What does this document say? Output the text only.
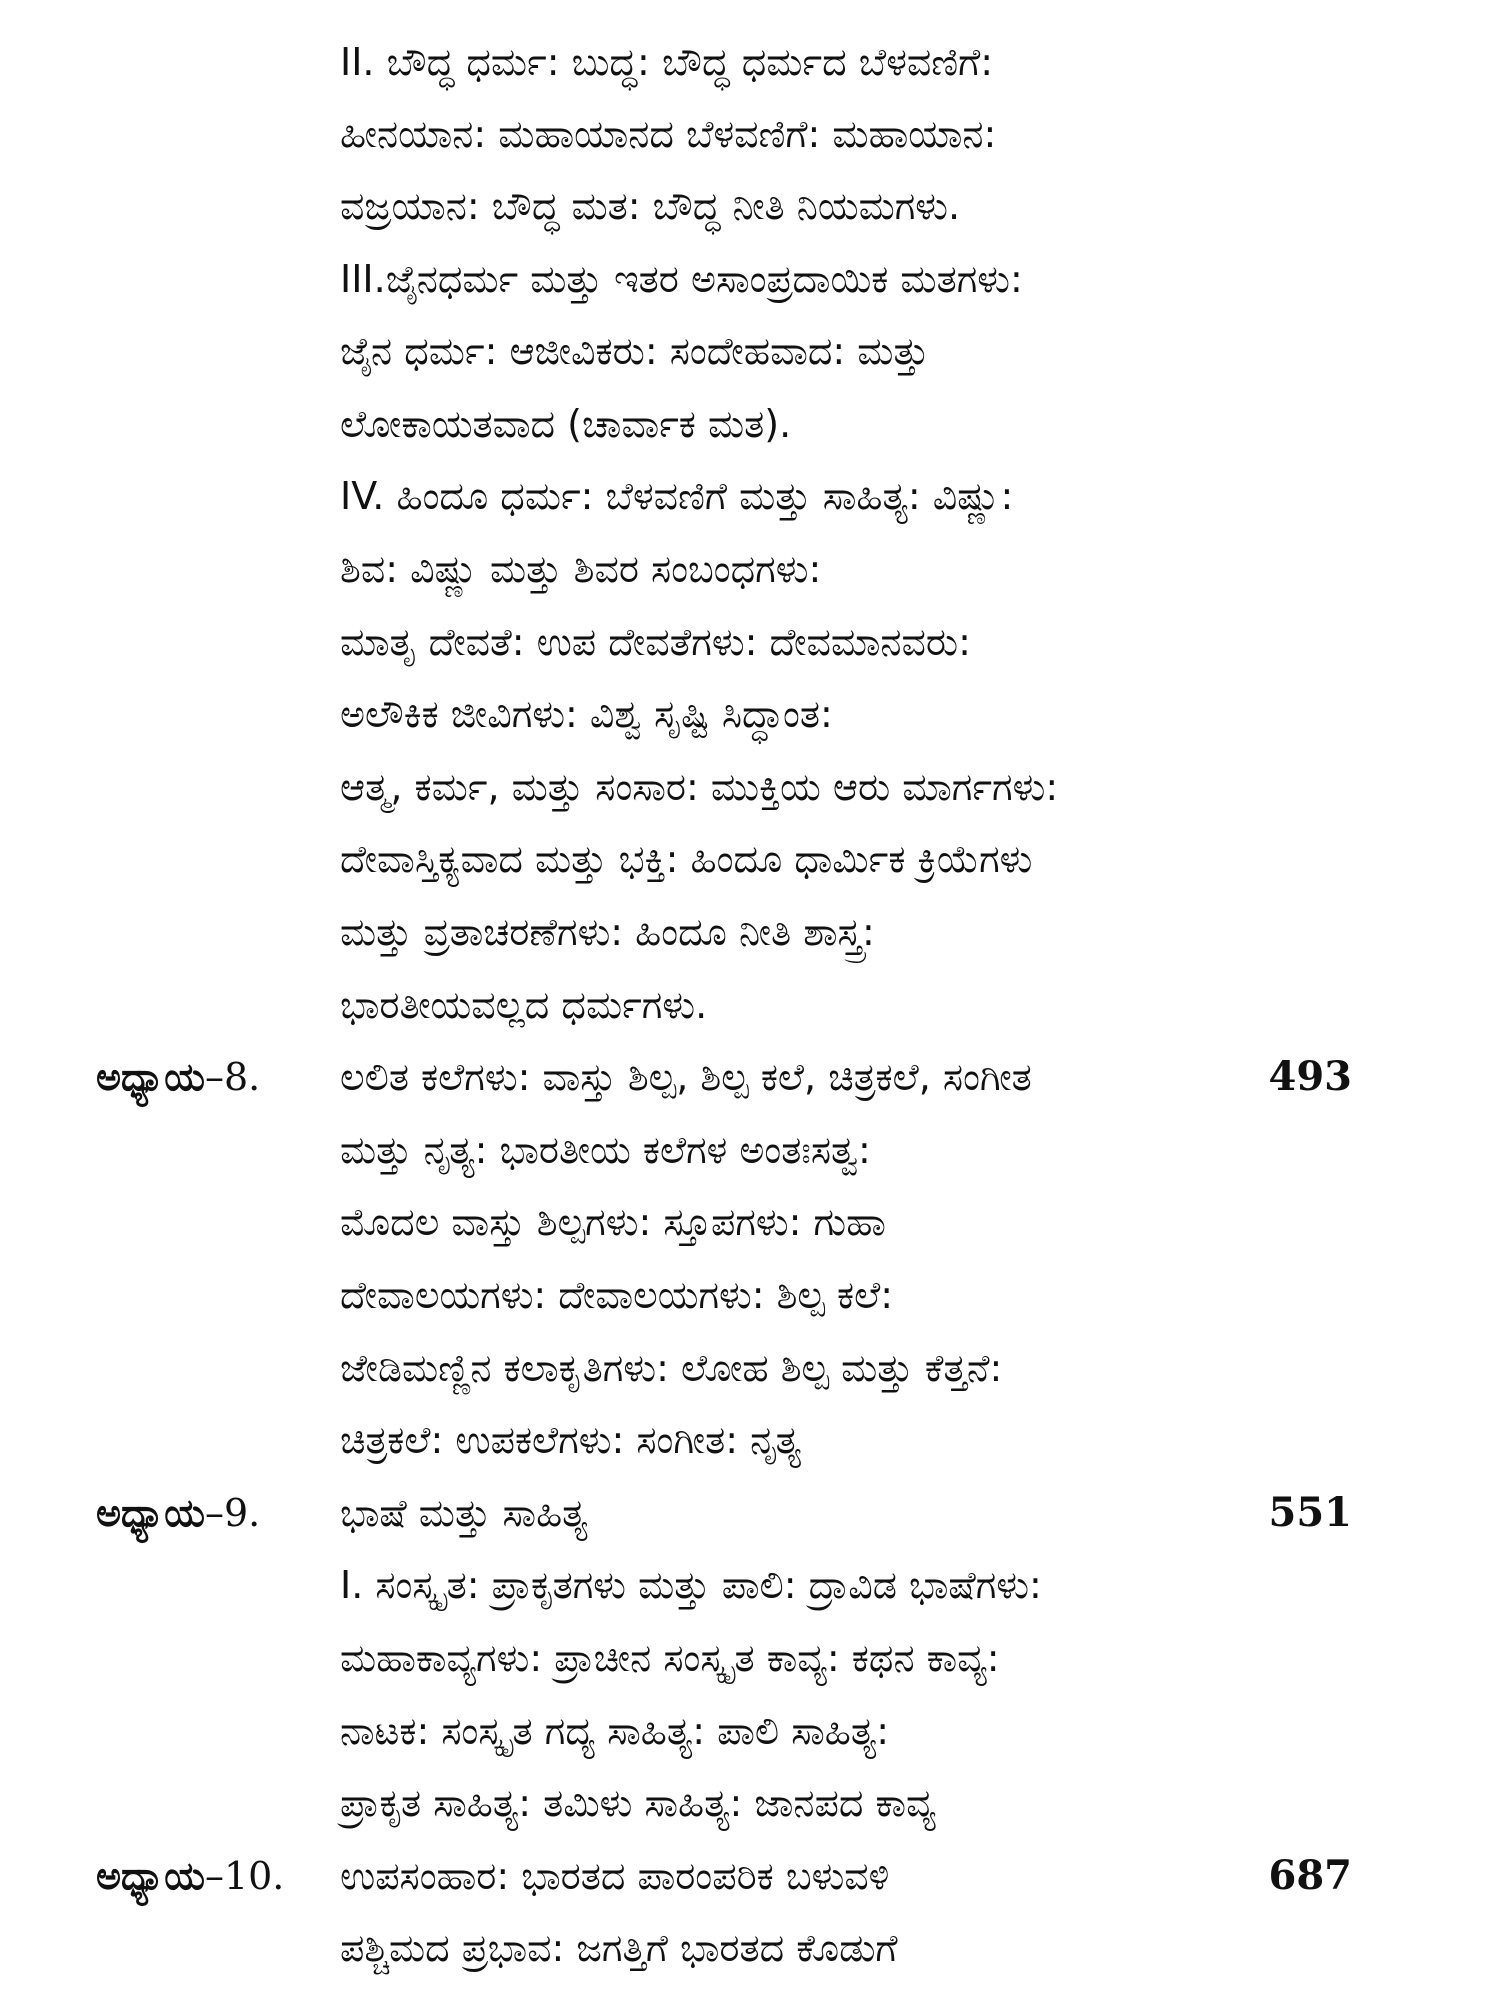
II. ಬೌದ್ಧ ಧರ್ಮ: ಬುದ್ಧ: ಬೌದ್ಧ ಧರ್ಮದ ಬೆಳವಣಿಗೆ:
ಹೀನಯಾನ: ಮಹಾಯಾನದ ಬೆಳವಣಿಗೆ: ಮಹಾಯಾನ:
ವಜ್ರಯಾನ: ಬೌದ್ಧ ಮತ: ಬೌದ್ಧ ನೀತಿ ನಿಯಮಗಳು.
III.ಜೈನಧರ್ಮ ಮತ್ತು ಇತರ ಅಸಾಂಪ್ರದಾಯಿಕ ಮತಗಳು:
ಜೈನ ಧರ್ಮ: ಆಜೀವಿಕರು: ಸಂದೇಹವಾದ: ಮತ್ತು
ಲೋಕಾಯತವಾದ (ಚಾರ್ವಾಕ ಮತ).
IV. ಹಿಂದೂ ಧರ್ಮ: ಬೆಳವಣಿಗೆ ಮತ್ತು ಸಾಹಿತ್ಯ: ವಿಷ್ಣು:
ಶಿವ: ವಿಷ್ಣು ಮತ್ತು ಶಿವರ ಸಂಬಂಧಗಳು:
ಮಾತೃ ದೇವತೆ: ಉಪ ದೇವತೆಗಳು: ದೇವಮಾನವರು:
ಅಲೌಕಿಕ ಜೀವಿಗಳು: ವಿಶ್ವ ಸೃಷ್ಟಿ ಸಿದ್ಧಾಂತ:
ಆತ್ಮ, ಕರ್ಮ, ಮತ್ತು ಸಂಸಾರ: ಮುಕ್ತಿಯ ಆರು ಮಾರ್ಗಗಳು:
ದೇವಾಸ್ತಿಕ್ಯವಾದ ಮತ್ತು ಭಕ್ತಿ: ಹಿಂದೂ ಧಾರ್ಮಿಕ ಕ್ರಿಯೆಗಳು
ಮತ್ತು ವ್ರತಾಚರಣೆಗಳು: ಹಿಂದೂ ನೀತಿ ಶಾಸ್ತ್ರ:
ಭಾರತೀಯವಲ್ಲದ ಧರ್ಮಗಳು.
ಅಧ್ಯಾಯ–8. ಲಲಿತ ಕಲೆಗಳು: ವಾಸ್ತು ಶಿಲ್ಪ, ಶಿಲ್ಪ ಕಲೆ, ಚಿತ್ರಕಲೆ, ಸಂಗೀತ	493
ಮತ್ತು ನೃತ್ಯ: ಭಾರತೀಯ ಕಲೆಗಳ ಅಂತಃಸತ್ವ:
ಮೊದಲ ವಾಸ್ತು ಶಿಲ್ಪಗಳು: ಸ್ತೂಪಗಳು: ಗುಹಾ
ದೇವಾಲಯಗಳು: ದೇವಾಲಯಗಳು: ಶಿಲ್ಪ ಕಲೆ:
ಜೇಡಿಮಣ್ಣಿನ ಕಲಾಕೃತಿಗಳು: ಲೋಹ ಶಿಲ್ಪ ಮತ್ತು ಕೆತ್ತನೆ:
ಚಿತ್ರಕಲೆ: ಉಪಕಲೆಗಳು: ಸಂಗೀತ: ನೃತ್ಯ
ಅಧ್ಯಾಯ–9. ಭಾಷೆ ಮತ್ತು ಸಾಹಿತ್ಯ	551
I. ಸಂಸ್ಕೃತ: ಪ್ರಾಕೃತಗಳು ಮತ್ತು ಪಾಲಿ: ದ್ರಾವಿಡ ಭಾಷೆಗಳು:
ಮಹಾಕಾವ್ಯಗಳು: ಪ್ರಾಚೀನ ಸಂಸ್ಕೃತ ಕಾವ್ಯ: ಕಥನ ಕಾವ್ಯ:
ನಾಟಕ: ಸಂಸ್ಕೃತ ಗದ್ಯ ಸಾಹಿತ್ಯ: ಪಾಲಿ ಸಾಹಿತ್ಯ:
ಪ್ರಾಕೃತ ಸಾಹಿತ್ಯ: ತಮಿಳು ಸಾಹಿತ್ಯ: ಜಾನಪದ ಕಾವ್ಯ
ಅಧ್ಯಾಯ–10. ಉಪಸಂಹಾರ: ಭಾರತದ ಪಾರಂಪರಿಕ ಬಳುವಳಿ	687
ಪಶ್ಚಿಮದ ಪ್ರಭಾವ: ಜಗತ್ತಿಗೆ ಭಾರತದ ಕೊಡುಗೆ
